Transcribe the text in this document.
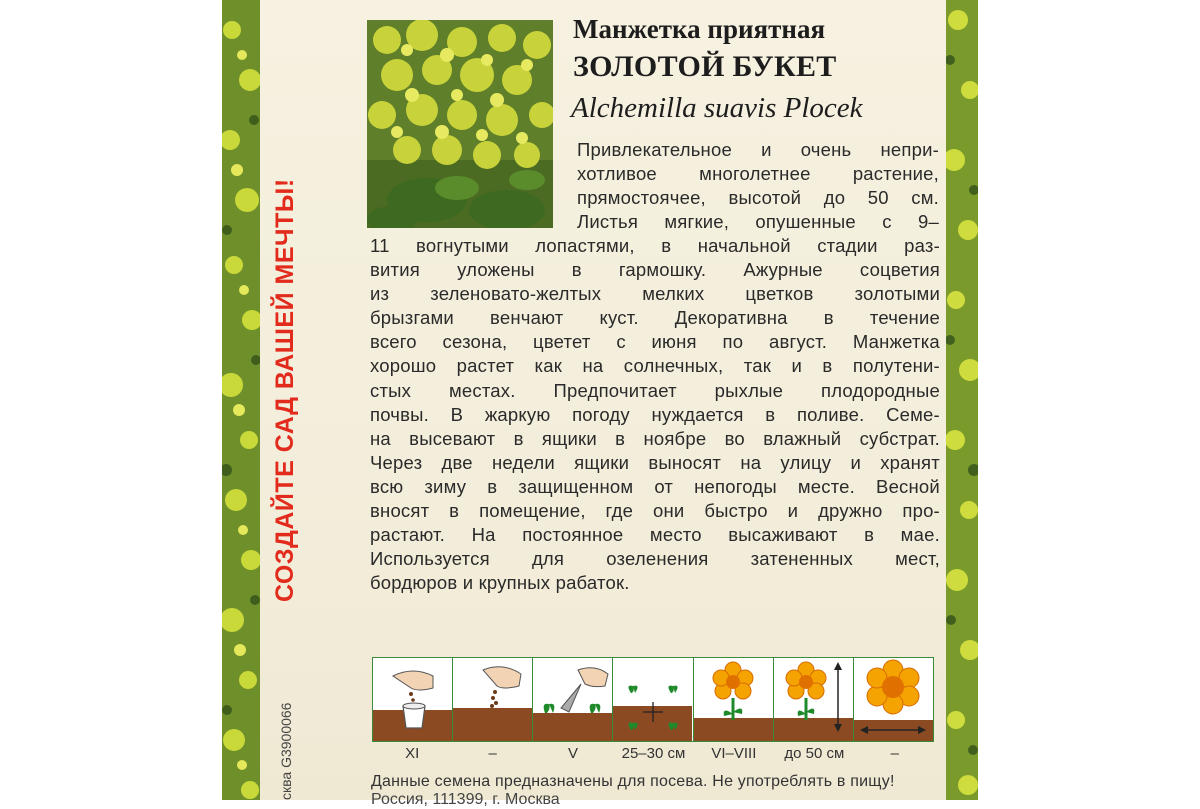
СОЗДАЙТЕ САД ВАШЕЙ МЕЧТЫ!
сква G3900066
Манжетка приятная
ЗОЛОТОЙ БУКЕТ
Alchemilla suavis Plocek
Привлекательное и очень непри-
хотливое многолетнее растение,
прямостоячее, высотой до 50 см.
Листья мягкие, опушенные с 9–
11 вогнутыми лопастями, в начальной стадии раз-
вития уложены в гармошку. Ажурные соцветия
из зеленовато-желтых мелких цветков золотыми
брызгами венчают куст. Декоративна в течение
всего сезона, цветет с июня по август. Манжетка
хорошо растет как на солнечных, так и в полутени-
стых местах. Предпочитает рыхлые плодородные
почвы. В жаркую погоду нуждается в поливе. Семе-
на высевают в ящики в ноябре во влажный субстрат.
Через две недели ящики выносят на улицу и хранят
всю зиму в защищенном от непогоды месте. Весной
вносят в помещение, где они быстро и дружно про-
растают. На постоянное место высаживают в мае.
Используется для озеленения затененных мест,
бордюров и крупных рабаток.
XI	–	V	25–30 см	VI–VIII	до 50 см	–
Данные семена предназначены для посева. Не употреблять в пищу!
Россия, 111399, г. Москва
